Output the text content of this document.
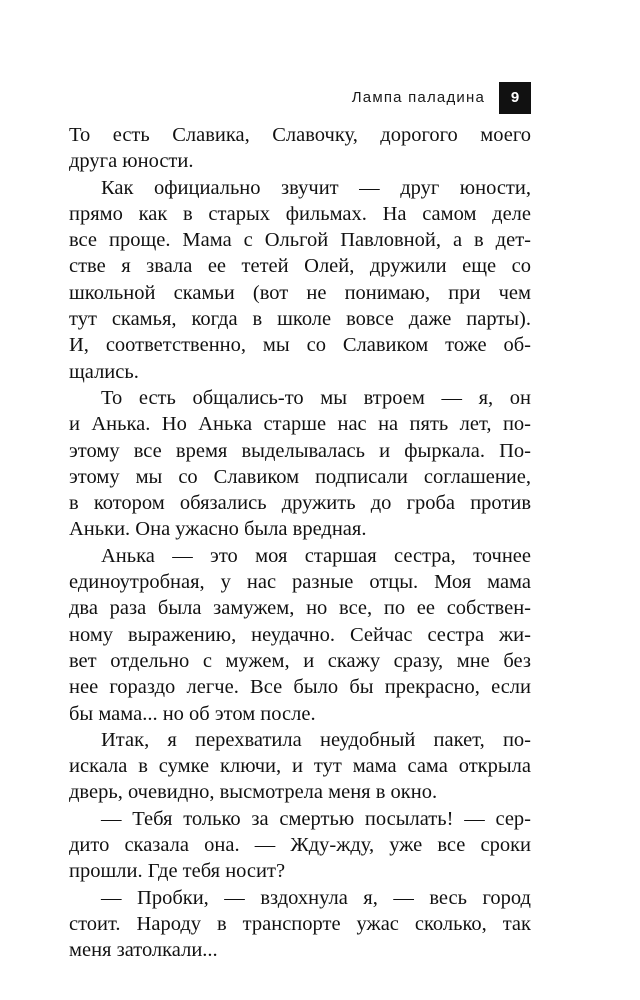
Лампа паладина	9

То есть Славика, Славочку, дорогого моего
друга юности.

Как официально звучит — друг юности,
прямо как в старых фильмах. На самом деле
все проще. Мама с Ольгой Павловной, а в дет-
стве я звала ее тетей Олей, дружили еще со
школьной скамьи (вот не понимаю, при чем
тут скамья, когда в школе вовсе даже парты).
И, соответственно, мы со Славиком тоже об-
щались.

То есть общались-то мы втроем — я, он
и Анька. Но Анька старше нас на пять лет, по-
этому все время выделывалась и фыркала. По-
этому мы со Славиком подписали соглашение,
в котором обязались дружить до гроба против
Аньки. Она ужасно была вредная.

Анька — это моя старшая сестра, точнее
единоутробная, у нас разные отцы. Моя мама
два раза была замужем, но все, по ее собствен-
ному выражению, неудачно. Сейчас сестра жи-
вет отдельно с мужем, и скажу сразу, мне без
нее гораздо легче. Все было бы прекрасно, если
бы мама... но об этом после.

Итак, я перехватила неудобный пакет, по-
искала в сумке ключи, и тут мама сама открыла
дверь, очевидно, высмотрела меня в окно.

— Тебя только за смертью посылать! — сер-
дито сказала она. — Жду-жду, уже все сроки
прошли. Где тебя носит?

— Пробки, — вздохнула я, — весь город
стоит. Народу в транспорте ужас сколько, так
меня затолкали...
